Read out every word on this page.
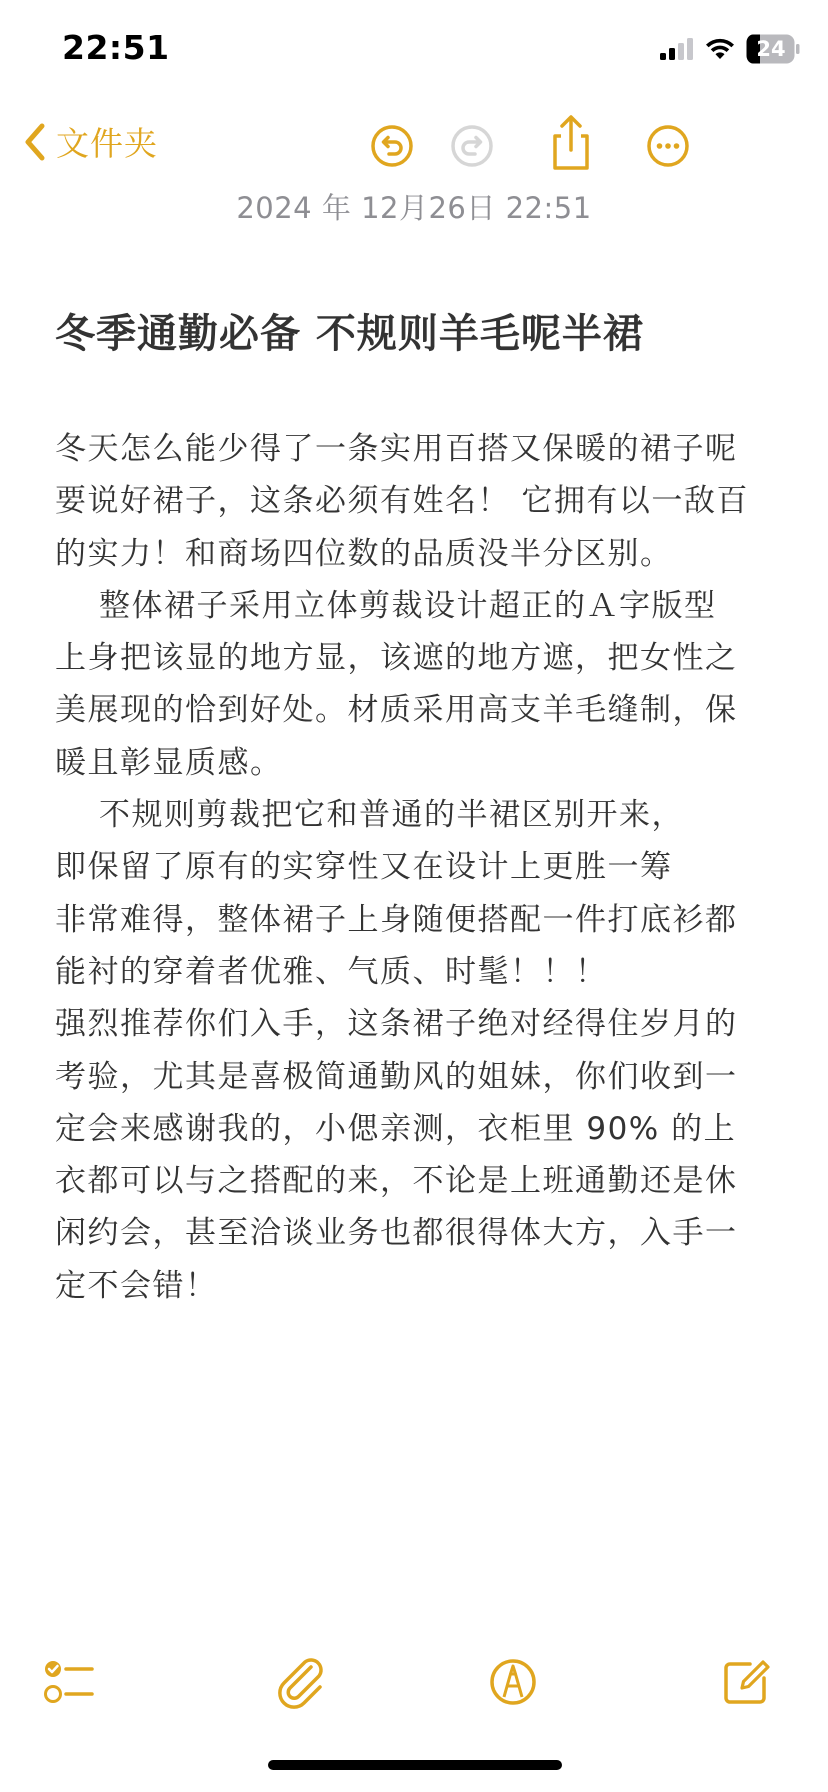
22:51	24
文件夹
2024 年 12月26日 22:51
冬季通勤必备 不规则羊毛呢半裙
冬天怎么能少得了一条实用百搭又保暖的裙子呢
要说好裙子，这条必须有姓名！ 它拥有以一敌百
的实力！和商场四位数的品质没半分区别。
整体裙子采用立体剪裁设计超正的Ａ字版型
上身把该显的地方显，该遮的地方遮，把女性之
美展现的恰到好处。材质采用高支羊毛缝制，保
暖且彰显质感。
不规则剪裁把它和普通的半裙区别开来，
即保留了原有的实穿性又在设计上更胜一筹
非常难得，整体裙子上身随便搭配一件打底衫都
能衬的穿着者优雅、气质、时髦！！！
强烈推荐你们入手，这条裙子绝对经得住岁月的
考验，尤其是喜极简通勤风的姐妹，你们收到一
定会来感谢我的，小偲亲测，衣柜里 90% 的上
衣都可以与之搭配的来，不论是上班通勤还是休
闲约会，甚至洽谈业务也都很得体大方，入手一
定不会错！
